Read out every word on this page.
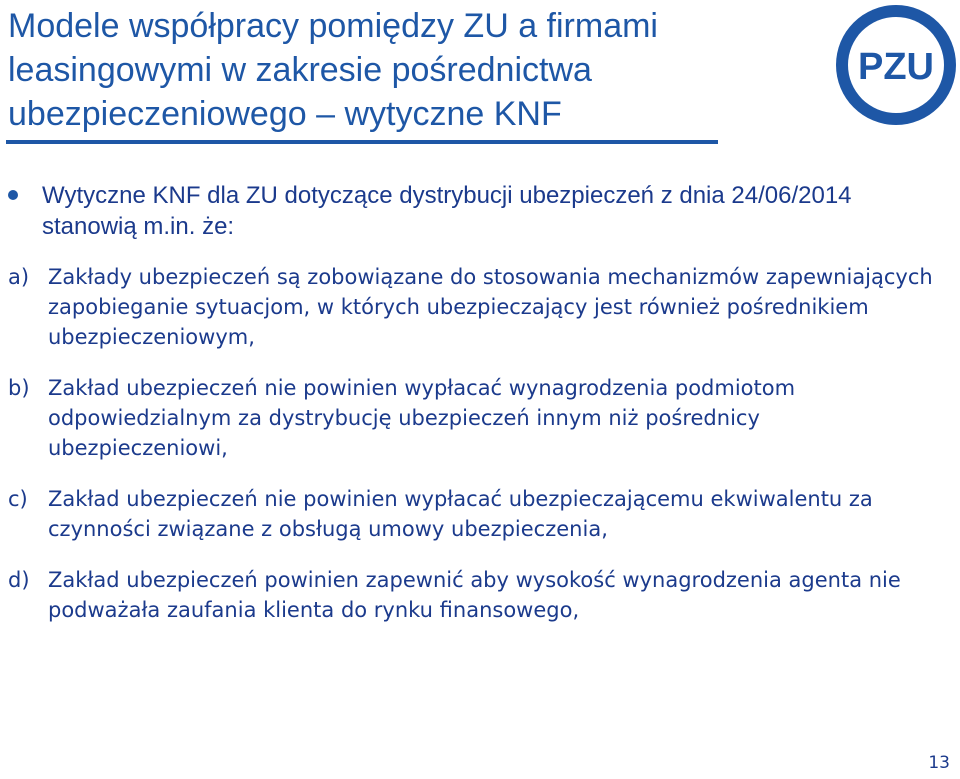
Modele współpracy pomiędzy ZU a firmami leasingowymi w zakresie pośrednictwa ubezpieczeniowego – wytyczne KNF
PZU
Wytyczne KNF dla ZU dotyczące dystrybucji ubezpieczeń z dnia 24/06/2014 stanowią m.in. że:
a) Zakłady ubezpieczeń są zobowiązane do stosowania mechanizmów zapewniających zapobieganie sytuacjom, w których ubezpieczający jest również pośrednikiem ubezpieczeniowym,
b) Zakład ubezpieczeń nie powinien wypłacać wynagrodzenia podmiotom odpowiedzialnym za dystrybucję ubezpieczeń innym niż pośrednicy ubezpieczeniowi,
c) Zakład ubezpieczeń nie powinien wypłacać ubezpieczającemu ekwiwalentu za czynności związane z obsługą umowy ubezpieczenia,
d) Zakład ubezpieczeń powinien zapewnić aby wysokość wynagrodzenia agenta nie podważała zaufania klienta do rynku finansowego,
13
